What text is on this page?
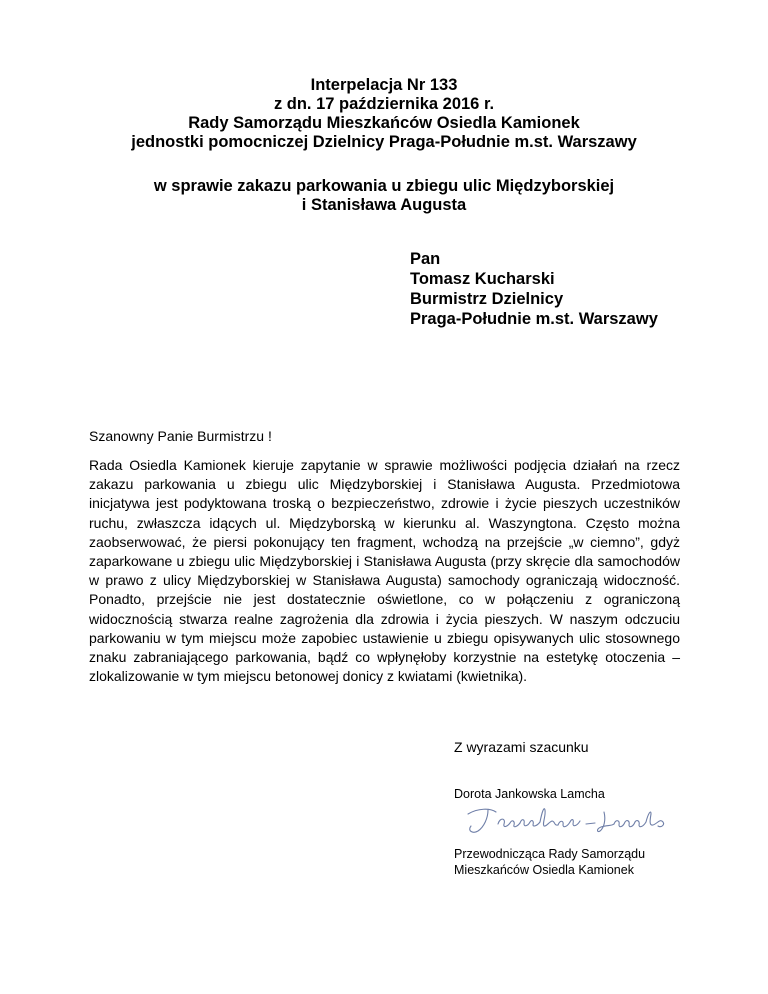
Interpelacja Nr 133
z dn. 17 października 2016 r.
Rady Samorządu Mieszkańców Osiedla Kamionek
jednostki pomocniczej Dzielnicy Praga-Południe m.st. Warszawy
w sprawie zakazu parkowania u zbiegu ulic Międzyborskiej
i Stanisława Augusta
Pan
Tomasz Kucharski
Burmistrz Dzielnicy
Praga-Południe m.st. Warszawy
Szanowny Panie Burmistrzu !
Rada Osiedla Kamionek kieruje zapytanie w sprawie możliwości podjęcia działań na rzecz zakazu parkowania u zbiegu ulic Międzyborskiej i Stanisława Augusta. Przedmiotowa inicjatywa jest podyktowana troską o bezpieczeństwo, zdrowie i życie pieszych uczestników ruchu, zwłaszcza idących ul. Międzyborską w kierunku al. Waszyngtona. Często można zaobserwować, że piersi pokonujący ten fragment, wchodzą na przejście „w ciemno”, gdyż zaparkowane u zbiegu ulic Międzyborskiej i Stanisława Augusta (przy skręcie dla samochodów w prawo z ulicy Międzyborskiej w Stanisława Augusta) samochody ograniczają widoczność. Ponadto, przejście nie jest dostatecznie oświetlone, co w połączeniu z ograniczoną widocznością stwarza realne zagrożenia dla zdrowia i życia pieszych. W naszym odczuciu parkowaniu w tym miejscu może zapobiec ustawienie u zbiegu opisywanych ulic stosownego znaku zabraniającego parkowania, bądź co wpłynęłoby korzystnie na estetykę otoczenia – zlokalizowanie w tym miejscu betonowej donicy z kwiatami (kwietnika).
Z wyrazami szacunku
Dorota Jankowska Lamcha
Przewodnicząca Rady Samorządu
Mieszkańców Osiedla Kamionek
